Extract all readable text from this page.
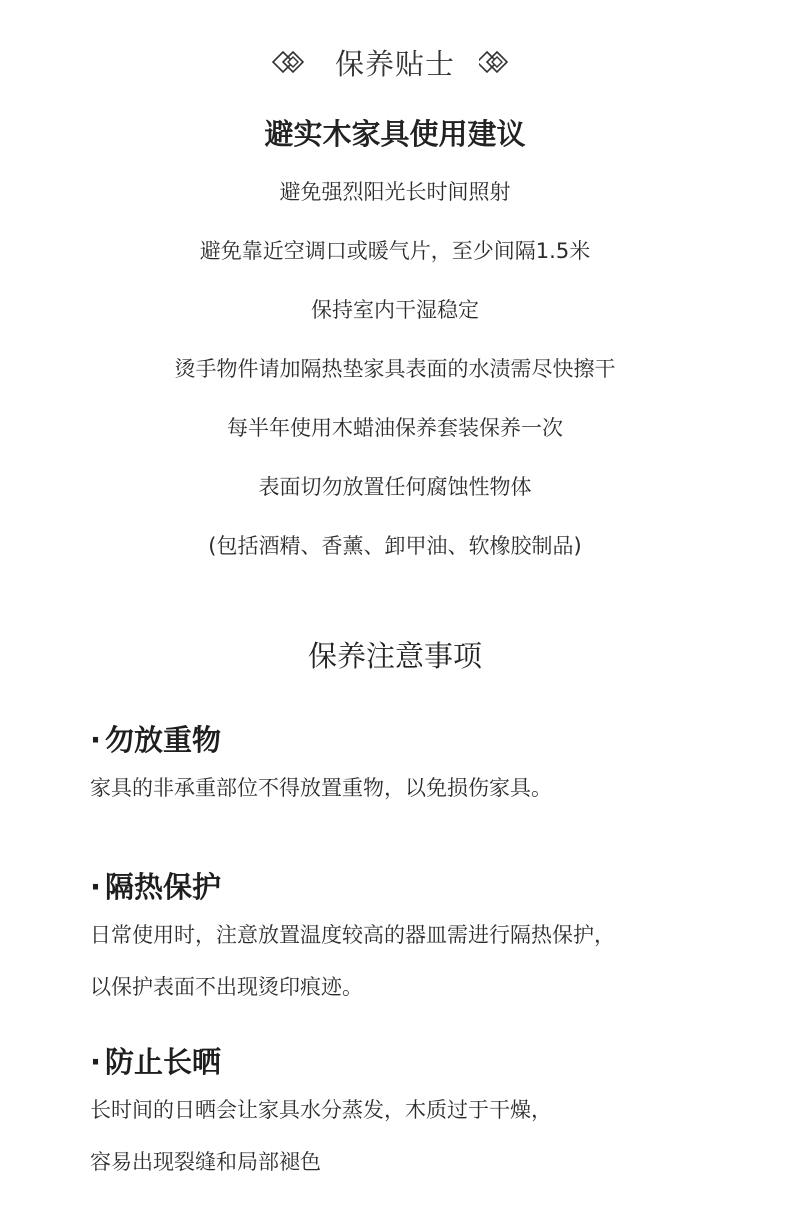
保养贴士
避实木家具使用建议
避免强烈阳光长时间照射
避免靠近空调口或暖气片，至少间隔1.5米
保持室内干湿稳定
烫手物件请加隔热垫家具表面的水渍需尽快擦干
每半年使用木蜡油保养套装保养一次
表面切勿放置任何腐蚀性物体
(包括酒精、香薰、卸甲油、软橡胶制品)
保养注意事项
· 勿放重物
家具的非承重部位不得放置重物，以免损伤家具。
· 隔热保护
日常使用时，注意放置温度较高的器皿需进行隔热保护，
以保护表面不出现烫印痕迹。
· 防止长晒
长时间的日晒会让家具水分蒸发，木质过于干燥，
容易出现裂缝和局部褪色
